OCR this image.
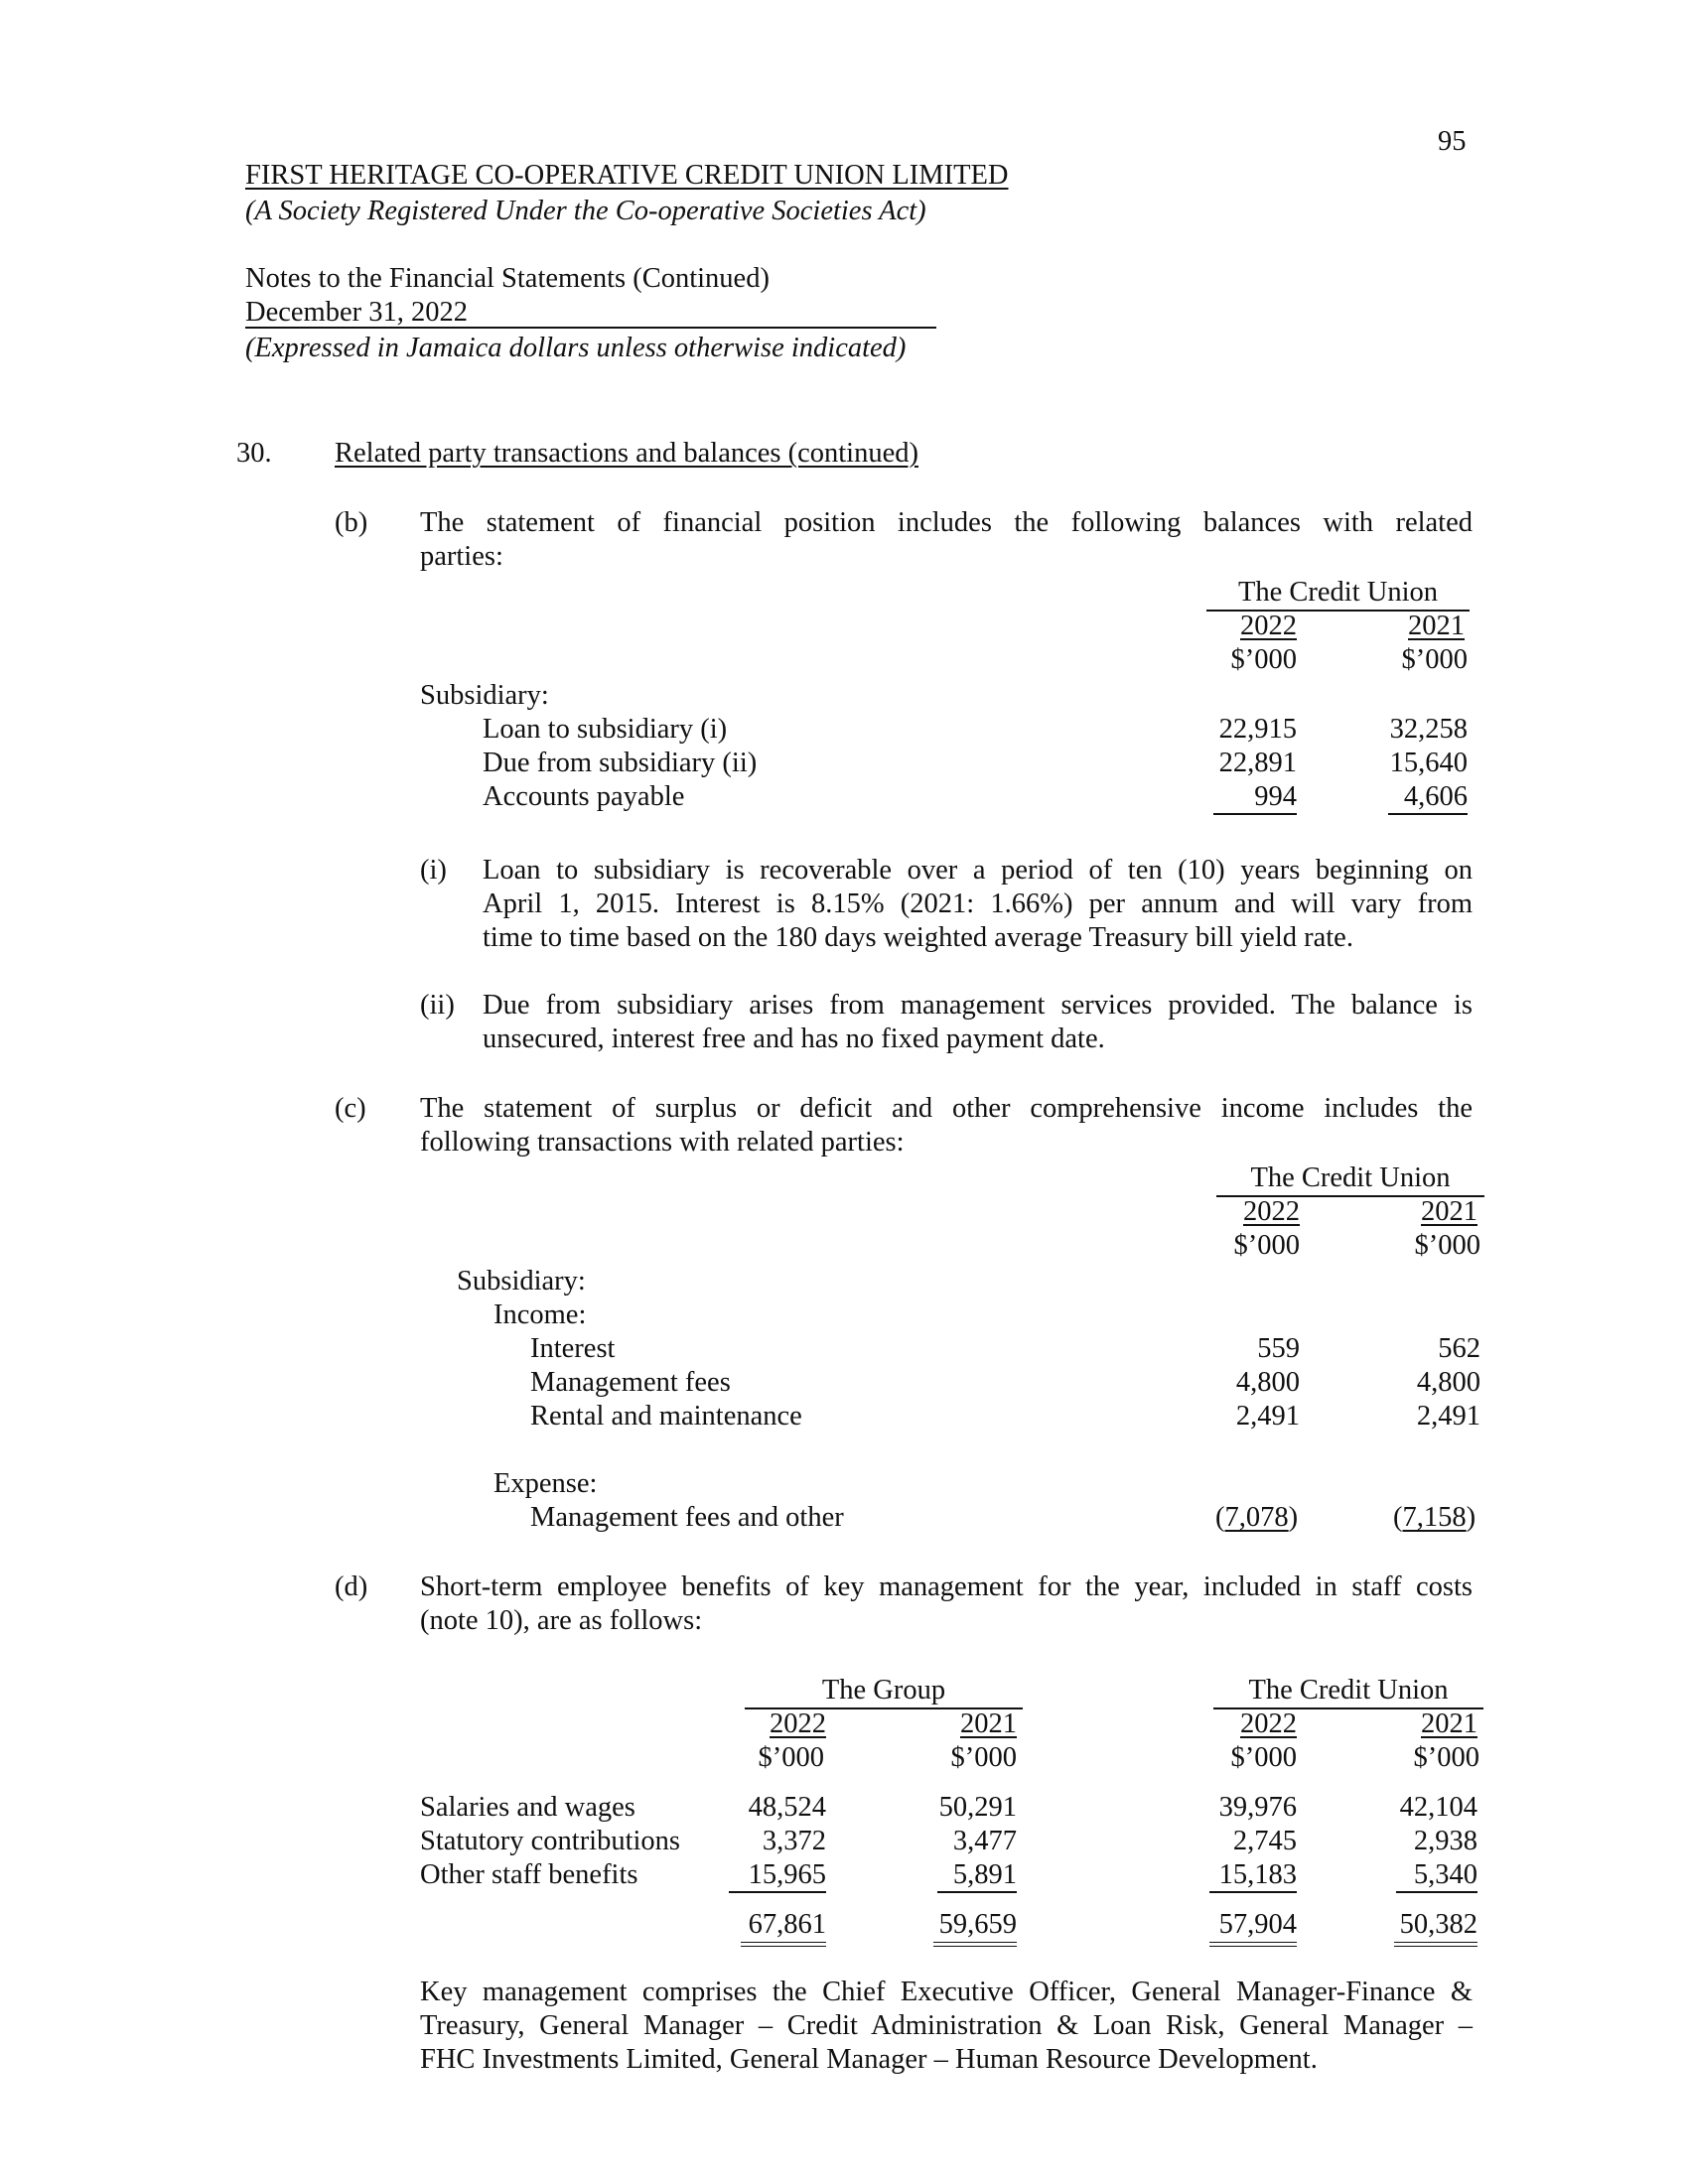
95
FIRST HERITAGE CO-OPERATIVE CREDIT UNION LIMITED
(A Society Registered Under the Co-operative Societies Act)
Notes to the Financial Statements (Continued)
December 31, 2022
(Expressed in Jamaica dollars unless otherwise indicated)
30. Related party transactions and balances (continued)
(b) The statement of financial position includes the following balances with related
parties:
The Credit Union
2022	2021
$’000	$’000
Subsidiary:
Loan to subsidiary (i)	22,915	32,258
Due from subsidiary (ii)	22,891	15,640
Accounts payable	994	4,606
(i) Loan to subsidiary is recoverable over a period of ten (10) years beginning on
April 1, 2015. Interest is 8.15% (2021: 1.66%) per annum and will vary from
time to time based on the 180 days weighted average Treasury bill yield rate.
(ii) Due from subsidiary arises from management services provided. The balance is
unsecured, interest free and has no fixed payment date.
(c) The statement of surplus or deficit and other comprehensive income includes the
following transactions with related parties:
The Credit Union
2022	2021
$’000	$’000
Subsidiary:
Income:
Interest	559	562
Management fees	4,800	4,800
Rental and maintenance	2,491	2,491
Expense:
Management fees and other	(7,078)	(7,158)
(d) Short-term employee benefits of key management for the year, included in staff costs
(note 10), are as follows:
The Group	The Credit Union
2022	2021	2022	2021
$’000	$’000	$’000	$’000
Salaries and wages	48,524	50,291	39,976	42,104
Statutory contributions	3,372	3,477	2,745	2,938
Other staff benefits	15,965	5,891	15,183	5,340
67,861	59,659	57,904	50,382
Key management comprises the Chief Executive Officer, General Manager-Finance &
Treasury, General Manager – Credit Administration & Loan Risk, General Manager –
FHC Investments Limited, General Manager – Human Resource Development.
